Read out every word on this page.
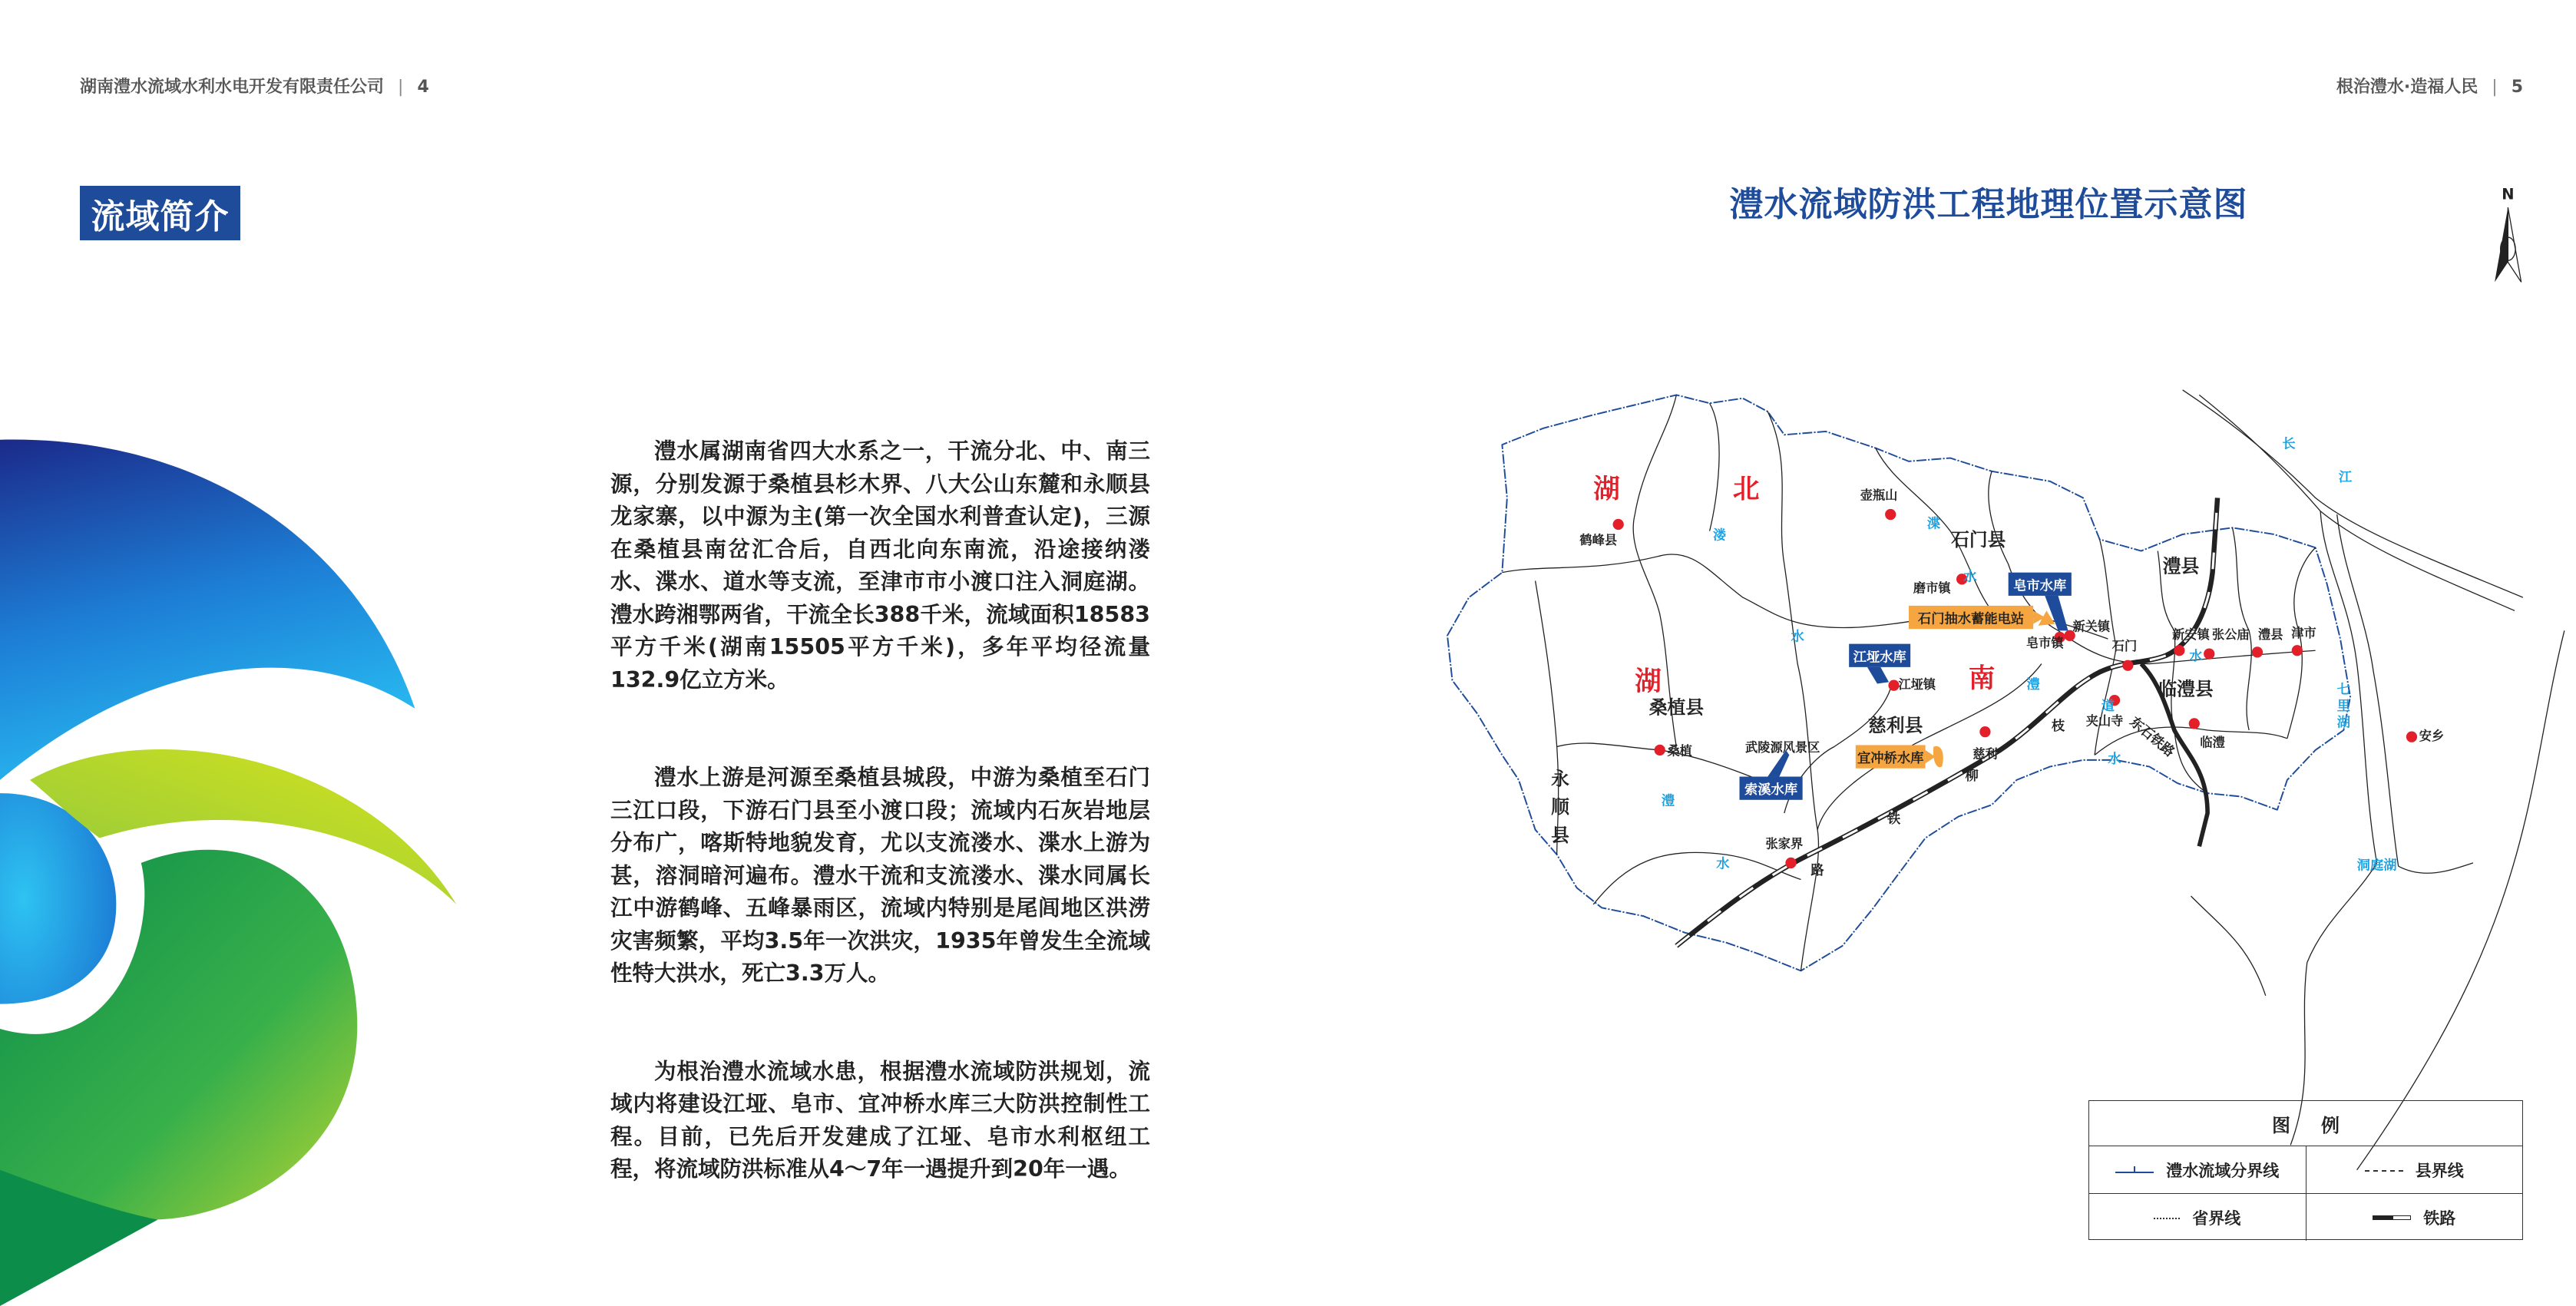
湖南澧水流域水利水电开发有限责任公司 | 4	根治澧水·造福人民 | 5
流域简介

澧水属湖南省四大水系之一，干流分北、中、南三源，分别发源于桑植县杉木界、八大公山东麓和永顺县龙家寨，以中源为主(第一次全国水利普查认定)，三源在桑植县南岔汇合后，自西北向东南流，沿途接纳溇水、渫水、道水等支流，至津市市小渡口注入洞庭湖。澧水跨湘鄂两省，干流全长388千米，流域面积18583平方千米(湖南15505平方千米)，多年平均径流量132.9亿立方米。

澧水上游是河源至桑植县城段，中游为桑植至石门三江口段，下游石门县至小渡口段；流域内石灰岩地层分布广，喀斯特地貌发育，尤以支流溇水、渫水上游为甚，溶洞暗河遍布。澧水干流和支流溇水、渫水同属长江中游鹤峰、五峰暴雨区，流域内特别是尾闾地区洪涝灾害频繁，平均3.5年一次洪灾，1935年曾发生全流域性特大洪水，死亡3.3万人。

为根治澧水流域水患，根据澧水流域防洪规划，流域内将建设江垭、皂市、宜冲桥水库三大防洪控制性工程。目前，已先后开发建成了江垭、皂市水利枢纽工程，将流域防洪标准从4～7年一遇提升到20年一遇。

澧水流域防洪工程地理位置示意图	N
湖	北
湖	南
石门县
桑植县
慈利县
澧县
临澧县
永
顺
县
鹤峰县
壶瓶山
磨市镇
皂市镇
新关镇
石门
新安镇 张公庙 澧县 津市
夹山寺
临澧
江垭镇
慈利
桑植
张家界
安乡
武陵源风景区
溇
渫
水
水
澧
道
水
水
澧
水
长
江
七
里
湖
枝
柳
铁
路
东石铁路
皂市水库
江垭水库
索溪水库
石门抽水蓄能电站
宜冲桥水库
洞庭湖
图例
澧水流域分界线	县界线
省界线	铁路
